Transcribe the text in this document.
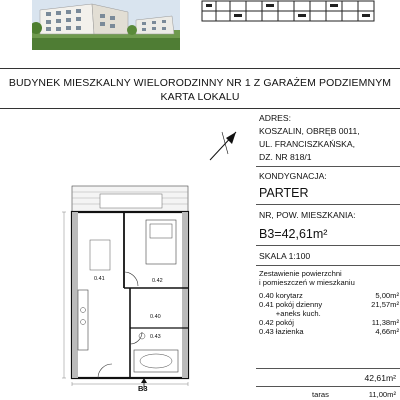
BUDYNEK MIESZKALNY WIELORODZINNY NR 1 Z GARAŻEM PODZIEMNYM
KARTA LOKALU
ADRES:
KOSZALIN, OBRĘB 0011,
UL. FRANCISZKAŃSKA,
DZ. NR 818/1
KONDYGNACJA:
PARTER
NR, POW. MIESZKANIA:
B3=42,61m²
SKALA 1:100
Zestawienie powierzchni
i pomieszczeń w mieszkaniu
0.40	korytarz	5,00m²
0.41	pokój dzienny
+aneks kuch.	21,57m²
0.42	pokój	11,38m²
0.43	łazienka	4,66m²
42,61m²
taras	11,00m²
0.41	0.42
0.40
0.43
B3
